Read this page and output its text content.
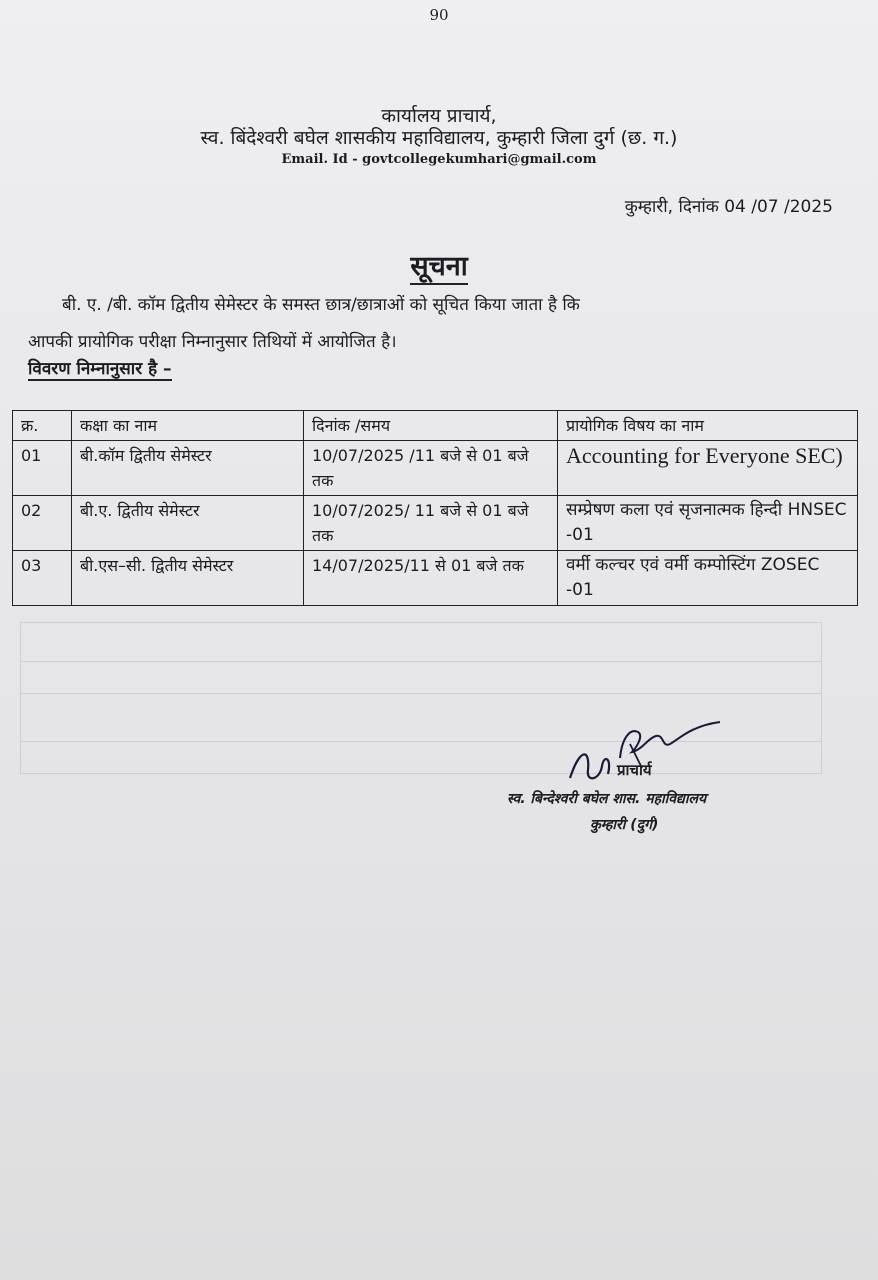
90
कार्यालय प्राचार्य,
स्व. बिंदेश्वरी बघेल शासकीय महाविद्यालय, कुम्हारी जिला दुर्ग (छ. ग.)
Email. Id - govtcollegekumhari@gmail.com
कुम्हारी, दिनांक 04 /07 /2025
सूचना
बी. ए. /बी. कॉम द्वितीय सेमेस्टर के समस्त छात्र/छात्राओं को सूचित किया जाता है कि
आपकी प्रायोगिक परीक्षा निम्नानुसार तिथियों में आयोजित है।
विवरण निम्नानुसार है –
क्र.	कक्षा का नाम	दिनांक /समय	प्रायोगिक विषय का नाम
01	बी.कॉम द्वितीय सेमेस्टर	10/07/2025 /11 बजे से 01 बजे तक	Accounting for Everyone SEC)
02	बी.ए. द्वितीय सेमेस्टर	10/07/2025/ 11 बजे से 01 बजे तक	सम्प्रेषण कला एवं सृजनात्मक हिन्दी HNSEC -01
03	बी.एस–सी. द्वितीय सेमेस्टर	14/07/2025/11 से 01 बजे तक	वर्मी कल्चर एवं वर्मी कम्पोस्टिंग ZOSEC -01
प्राचार्य
स्व. बिन्देश्वरी बघेल शास. महाविद्यालय
कुम्हारी (दुर्ग)
